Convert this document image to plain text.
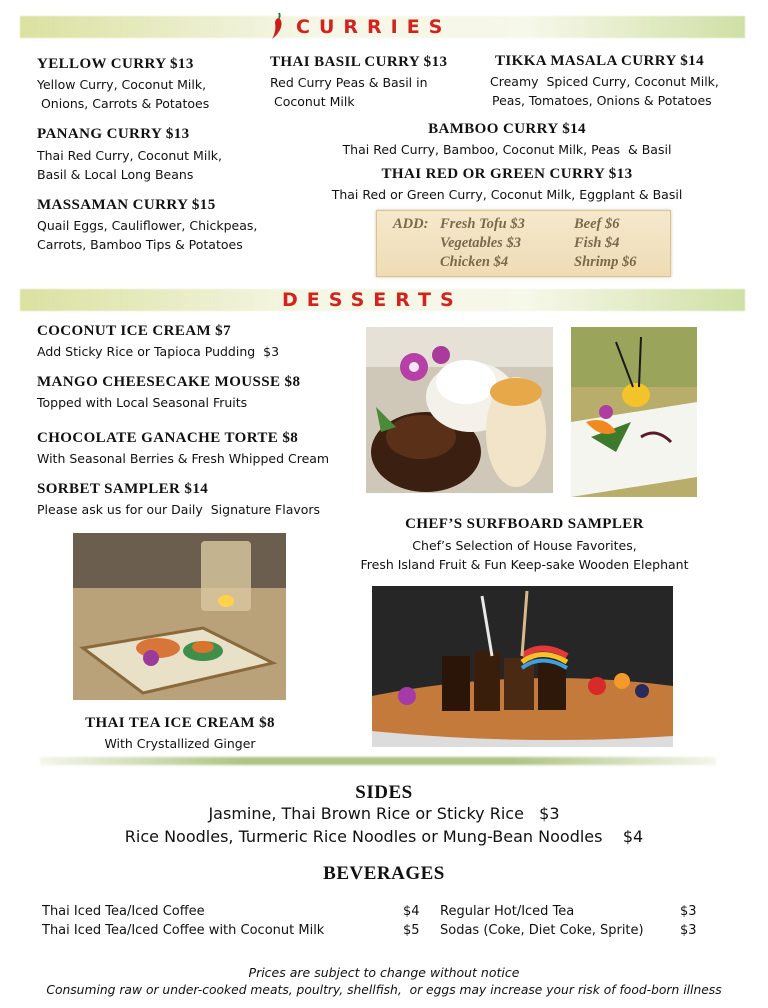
CURRIES
YELLOW CURRY $13
Yellow Curry, Coconut Milk,
Onions, Carrots & Potatoes
PANANG CURRY $13
Thai Red Curry, Coconut Milk,
Basil & Local Long Beans
MASSAMAN CURRY $15
Quail Eggs, Cauliflower, Chickpeas,
Carrots, Bamboo Tips & Potatoes
THAI BASIL CURRY $13
Red Curry Peas & Basil in
Coconut Milk
TIKKA MASALA CURRY $14
Creamy  Spiced Curry, Coconut Milk,
Peas, Tomatoes, Onions & Potatoes
BAMBOO CURRY $14
Thai Red Curry, Bamboo, Coconut Milk, Peas  & Basil
THAI RED OR GREEN CURRY $13
Thai Red or Green Curry, Coconut Milk, Eggplant & Basil
ADD: Fresh Tofu $3
Vegetables $3
Chicken $4
Beef $6
Fish $4
Shrimp $6
DESSERTS
COCONUT ICE CREAM $7
Add Sticky Rice or Tapioca Pudding  $3
MANGO CHEESECAKE MOUSSE $8
Topped with Local Seasonal Fruits
CHOCOLATE GANACHE TORTE $8
With Seasonal Berries & Fresh Whipped Cream
SORBET SAMPLER $14
Please ask us for our Daily  Signature Flavors
CHEF’S SURFBOARD SAMPLER
Chef’s Selection of House Favorites,
Fresh Island Fruit & Fun Keep-sake Wooden Elephant
THAI TEA ICE CREAM $8
With Crystallized Ginger
SIDES
Jasmine, Thai Brown Rice or Sticky Rice   $3
Rice Noodles, Turmeric Rice Noodles or Mung-Bean Noodles    $4
BEVERAGES
Thai Iced Tea/Iced Coffee	$4
Thai Iced Tea/Iced Coffee with Coconut Milk	$5
Regular Hot/Iced Tea	$3
Sodas (Coke, Diet Coke, Sprite)	$3
Prices are subject to change without notice
Consuming raw or under-cooked meats, poultry, shellfish,  or eggs may increase your risk of food-born illness
